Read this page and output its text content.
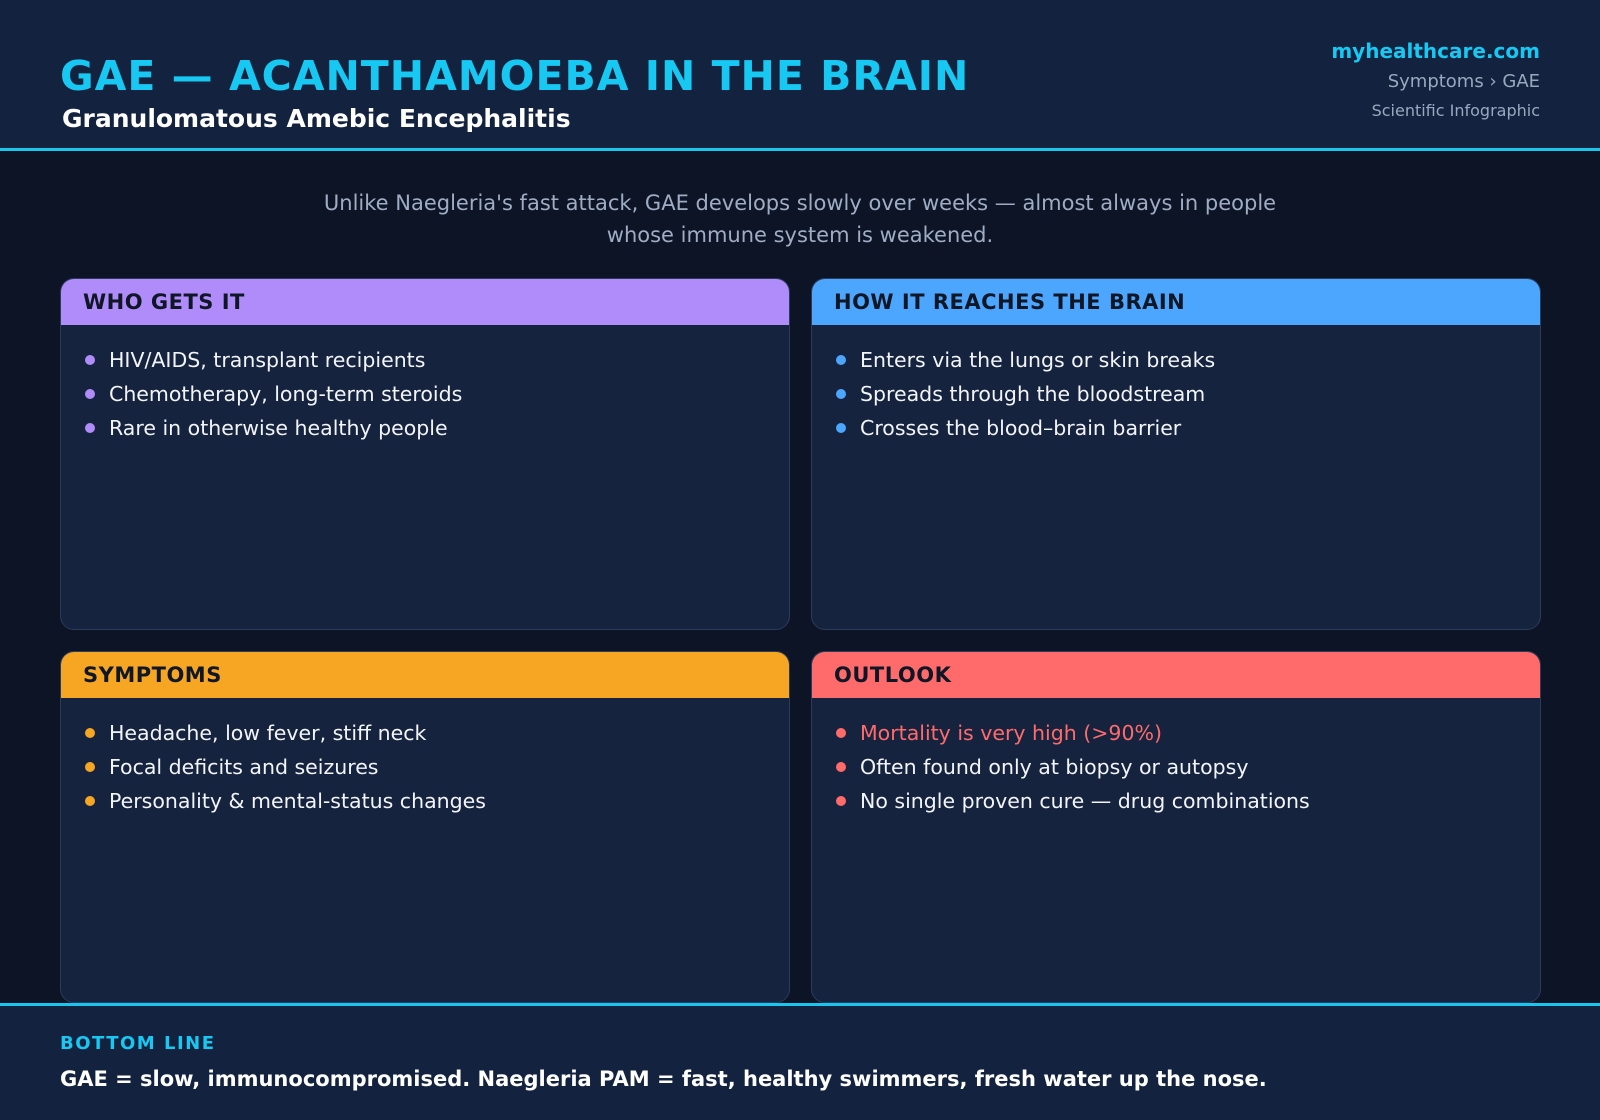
GAE — ACANTHAMOEBA IN THE BRAIN
Granulomatous Amebic Encephalitis
myhealthcare.com
Symptoms › GAE
Scientific Infographic
Unlike Naegleria's fast attack, GAE develops slowly over weeks — almost always in people whose immune system is weakened.
WHO GETS IT
HIV/AIDS, transplant recipients
Chemotherapy, long-term steroids
Rare in otherwise healthy people
HOW IT REACHES THE BRAIN
Enters via the lungs or skin breaks
Spreads through the bloodstream
Crosses the blood–brain barrier
SYMPTOMS
Headache, low fever, stiff neck
Focal deficits and seizures
Personality & mental-status changes
OUTLOOK
Mortality is very high (>90%)
Often found only at biopsy or autopsy
No single proven cure — drug combinations
BOTTOM LINE
GAE = slow, immunocompromised. Naegleria PAM = fast, healthy swimmers, fresh water up the nose.
